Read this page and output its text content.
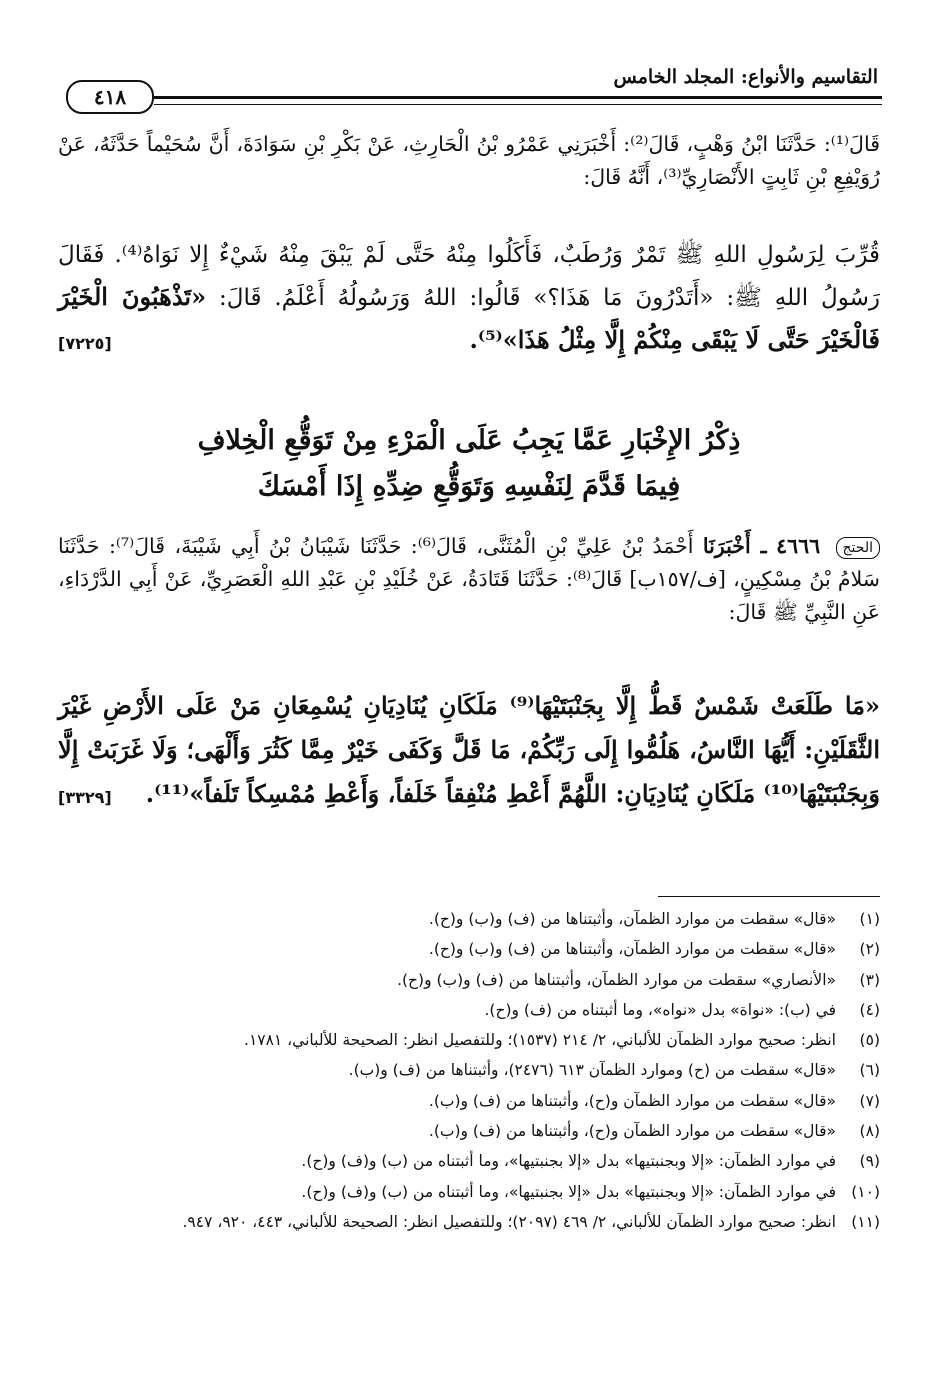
التقاسيم والأنواع: المجلد الخامس
٤١٨
قَالَ⁽¹⁾: حَدَّثَنَا ابْنُ وَهْبٍ، قَالَ⁽²⁾: أَخْبَرَنِي عَمْرُو بْنُ الْحَارِثِ، عَنْ بَكْرِ بْنِ سَوَادَةَ، أَنَّ سُحَيْماً حَدَّثَهُ، عَنْ رُوَيْفِعِ بْنِ ثَابِتٍ الأَنْصَارِيِّ⁽³⁾، أَنَّهُ قَالَ:
قُرِّبَ لِرَسُولِ اللهِ ﷺ تَمْرٌ وَرُطَبٌ، فَأَكَلُوا مِنْهُ حَتَّى لَمْ يَبْقَ مِنْهُ شَيْءٌ إِلا نَوَاهُ⁽⁴⁾. فَقَالَ رَسُولُ اللهِ ﷺ: «أَتَدْرُونَ مَا هَذَا؟» قَالُوا: اللهُ وَرَسُولُهُ أَعْلَمُ. قَالَ: «تَذْهَبُونَ الْخَيْرَ فَالْخَيْرَ حَتَّى لَا يَبْقَى مِنْكُمْ إِلَّا مِثْلُ هَذَا»⁽⁵⁾.
[٧٢٢٥]
ذِكْرُ الإِخْبَارِ عَمَّا يَجِبُ عَلَى الْمَرْءِ مِنْ تَوَقُّعِ الْخِلافِ
فِيمَا قَدَّمَ لِنَفْسِهِ وَتَوَقُّعِ ضِدِّهِ إِذَا أَمْسَكَ
الحتج ٤٦٦٦ ـ أَخْبَرَنَا أَحْمَدُ بْنُ عَلِيِّ بْنِ الْمُثَنَّى، قَالَ⁽⁶⁾: حَدَّثَنَا شَيْبَانُ بْنُ أَبِي شَيْبَةَ، قَالَ⁽⁷⁾: حَدَّثَنَا سَلامُ بْنُ مِسْكِينٍ، [ف/١٥٧ب] قَالَ⁽⁸⁾: حَدَّثَنَا قَتَادَةُ، عَنْ خُلَيْدِ بْنِ عَبْدِ اللهِ الْعَصَرِيِّ، عَنْ أَبِي الدَّرْدَاءِ، عَنِ النَّبِيِّ ﷺ قَالَ:
«مَا طَلَعَتْ شَمْسٌ قَطُّ إِلَّا بِجَنْبَتَيْهَا⁽⁹⁾ مَلَكَانِ يُنَادِيَانِ يُسْمِعَانِ مَنْ عَلَى الأَرْضِ غَيْرَ الثَّقَلَيْنِ: أَيُّهَا النَّاسُ، هَلُمُّوا إِلَى رَبِّكُمْ، مَا قَلَّ وَكَفَى خَيْرٌ مِمَّا كَثُرَ وَأَلْهَى؛ وَلَا غَرَبَتْ إِلَّا وَبِجَنْبَتَيْهَا⁽¹⁰⁾ مَلَكَانِ يُنَادِيَانِ: اللَّهُمَّ أَعْطِ مُنْفِقاً خَلَفاً، وَأَعْطِ مُمْسِكاً تَلَفاً»⁽¹¹⁾.
[٣٣٢٩]
(١)
«قال» سقطت من موارد الظمآن، وأثبتناها من (ف) و(ب) و(ح).
(٢)
«قال» سقطت من موارد الظمآن، وأثبتناها من (ف) و(ب) و(ح).
(٣)
«الأنصاري» سقطت من موارد الظمآن، وأثبتناها من (ف) و(ب) و(ح).
(٤)
في (ب): «نواة» بدل «نواه»، وما أثبتناه من (ف) و(ح).
(٥)
انظر: صحيح موارد الظمآن للألباني، ٢/ ٢١٤ (١٥٣٧)؛ وللتفصيل انظر: الصحيحة للألباني، ١٧٨١.
(٦)
«قال» سقطت من (ح) وموارد الظمآن ٦١٣ (٢٤٧٦)، وأثبتناها من (ف) و(ب).
(٧)
«قال» سقطت من موارد الظمآن و(ح)، وأثبتناها من (ف) و(ب).
(٨)
«قال» سقطت من موارد الظمآن و(ح)، وأثبتناها من (ف) و(ب).
(٩)
في موارد الظمآن: «إلا وبجنبتيها» بدل «إلا بجنبتيها»، وما أثبتناه من (ب) و(ف) و(ح).
(١٠)
في موارد الظمآن: «إلا وبجنبتيها» بدل «إلا بجنبتيها»، وما أثبتناه من (ب) و(ف) و(ح).
(١١)
انظر: صحيح موارد الظمآن للألباني، ٢/ ٤٦٩ (٢٠٩٧)؛ وللتفصيل انظر: الصحيحة للألباني، ٤٤٣، ٩٢٠، ٩٤٧.
